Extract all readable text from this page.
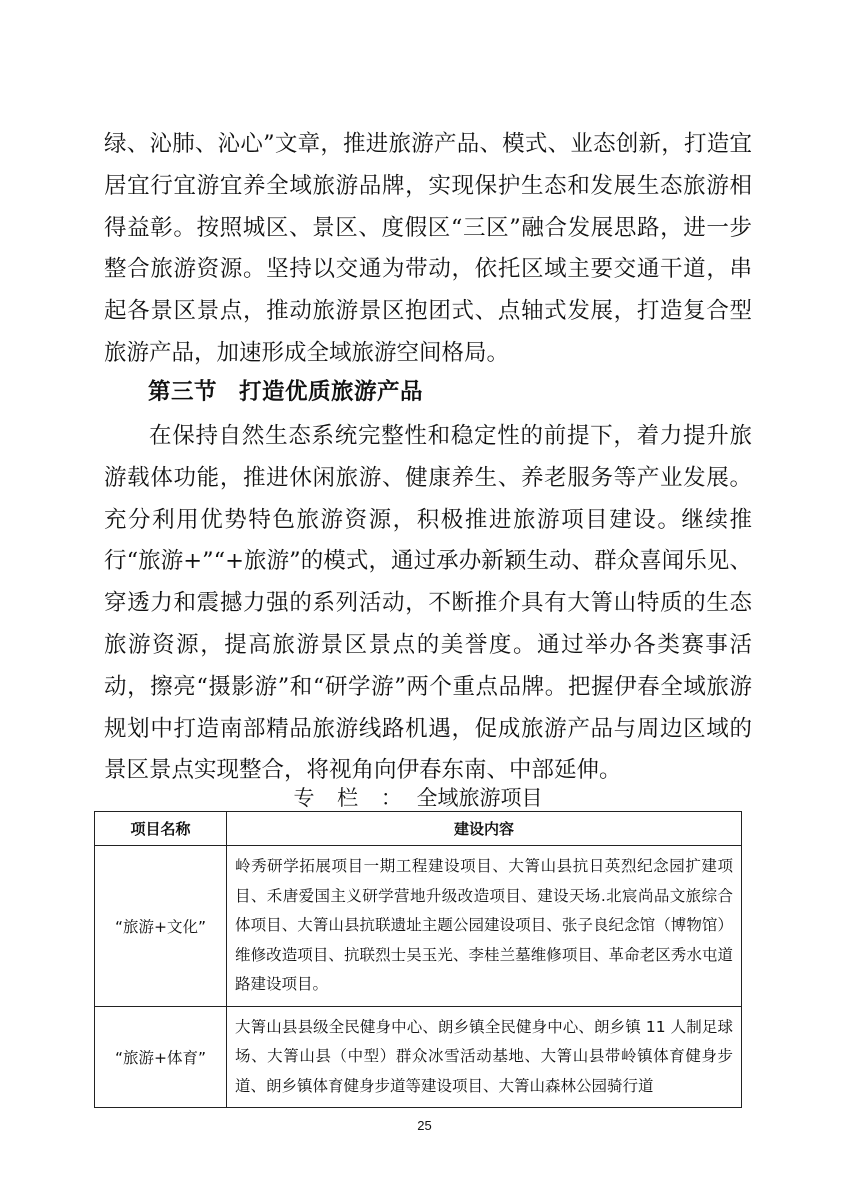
绿、沁肺、沁心”文章，推进旅游产品、模式、业态创新，打造宜居宜行宜游宜养全域旅游品牌，实现保护生态和发展生态旅游相得益彰。按照城区、景区、度假区“三区”融合发展思路，进一步整合旅游资源。坚持以交通为带动，依托区域主要交通干道，串起各景区景点，推动旅游景区抱团式、点轴式发展，打造复合型旅游产品，加速形成全域旅游空间格局。

第三节 打造优质旅游产品

在保持自然生态系统完整性和稳定性的前提下，着力提升旅游载体功能，推进休闲旅游、健康养生、养老服务等产业发展。充分利用优势特色旅游资源，积极推进旅游项目建设。继续推行“旅游+”“+旅游”的模式，通过承办新颖生动、群众喜闻乐见、穿透力和震撼力强的系列活动，不断推介具有大箐山特质的生态旅游资源，提高旅游景区景点的美誉度。通过举办各类赛事活动，擦亮“摄影游”和“研学游”两个重点品牌。把握伊春全域旅游规划中打造南部精品旅游线路机遇，促成旅游产品与周边区域的景区景点实现整合，将视角向伊春东南、中部延伸。

专 栏 ： 全域旅游项目
项目名称	建设内容
“旅游+文化”	岭秀研学拓展项目一期工程建设项目、大箐山县抗日英烈纪念园扩建项目、禾唐爱国主义研学营地升级改造项目、建设天场.北宸尚品文旅综合体项目、大箐山县抗联遗址主题公园建设项目、张子良纪念馆（博物馆）维修改造项目、抗联烈士吴玉光、李桂兰墓维修项目、革命老区秀水屯道路建设项目。
“旅游+体育”	大箐山县县级全民健身中心、朗乡镇全民健身中心、朗乡镇 11 人制足球场、大箐山县（中型）群众冰雪活动基地、大箐山县带岭镇体育健身步道、朗乡镇体育健身步道等建设项目、大箐山森林公园骑行道
25
